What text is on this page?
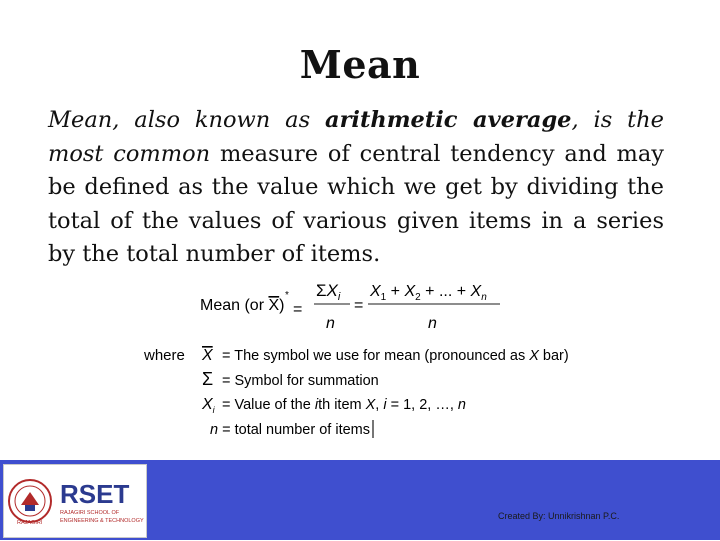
Mean
Mean, also known as arithmetic average, is the
most common measure of central tendency and may
be defined as the value which we get by dividing the
total of the values of various given items in a series
by the total number of items.
Mean (or X)
*
=
$\Sigma X_i$
n
=
$X_1 + X_2$ + ... + $X_n$
n
where X = The symbol we use for mean (pronounced as X bar)
Σ = Symbol for summation
$X_i$ = Value of the ith item X, i = 1, 2, …, n
n = total number of items
RAJAGIRI
RSET
RAJAGIRI SCHOOL OF
ENGINEERING & TECHNOLOGY	Created By: Unnikrishnan P.C.
